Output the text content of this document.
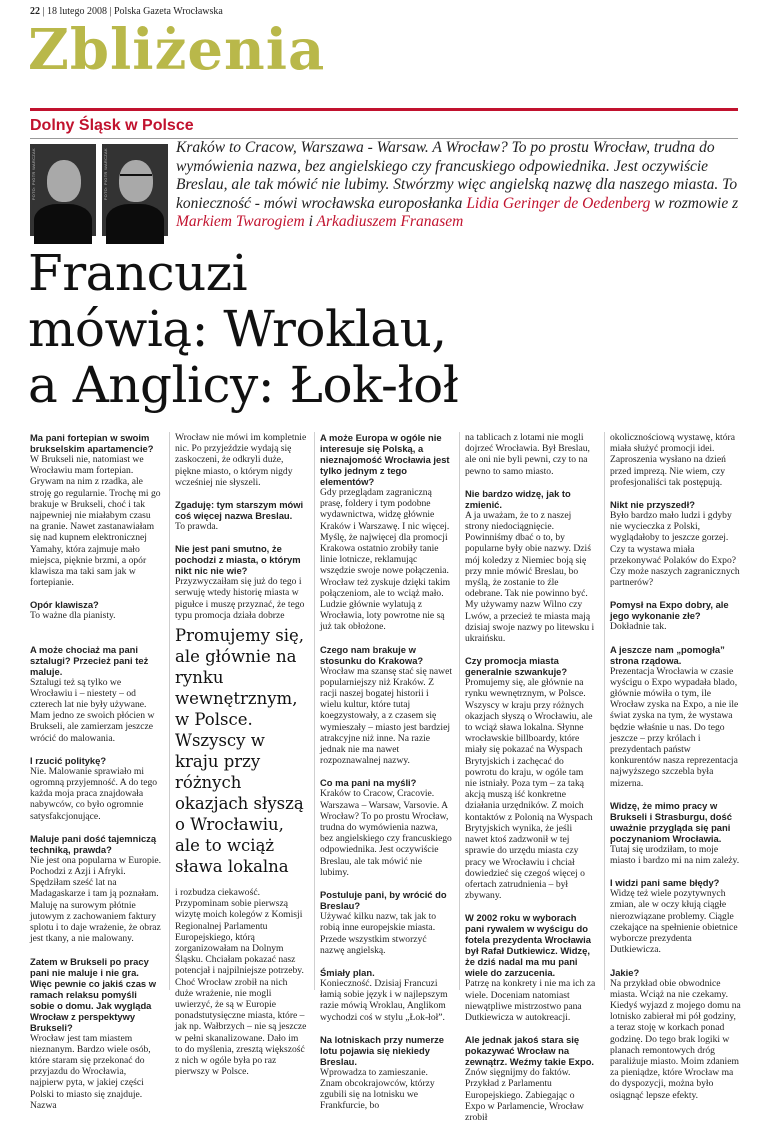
22 | 18 lutego 2008 | Polska Gazeta Wrocławska
Zbliżenia
Dolny Śląsk w Polsce
FOTO: PIOTR WARCZAK	FOTO: PIOTR WARCZAK
Kraków to Cracow, Warszawa - Warsaw. A Wrocław? To po prostu Wrocław, trudna do wymówienia nazwa, bez angielskiego czy francuskiego odpowiednika. Jest oczywiście Breslau, ale tak mówić nie lubimy. Stwórzmy więc angielską nazwę dla naszego miasta. To konieczność - mówi wrocławska europosłanka Lidia Geringer de Oedenberg w rozmowie z Markiem Twarogiem i Arkadiuszem Franasem
Francuzi
mówią: Wroklau,
a Anglicy: Łok-łoł

Ma pani fortepian w swoim brukselskim apartamencie?

W Brukseli nie, natomiast we Wrocławiu mam fortepian. Grywam na nim z rzadka, ale stroję go regularnie. Trochę mi go brakuje w Brukseli, choć i tak najpewniej nie miałabym czasu na granie. Nawet zastanawiałam się nad kupnem elektronicznej Yamahy, która zajmuje mało miejsca, pięknie brzmi, a opór klawisza ma taki sam jak w fortepianie.

Opór klawisza?

To ważne dla pianisty.

A może chociaż ma pani sztalugi? Przecież pani też maluje.

Sztalugi też są tylko we Wrocławiu i – niestety – od czterech lat nie były używane. Mam jedno ze swoich płócien w Brukseli, ale zamierzam jeszcze wrócić do malowania.

I rzucić politykę?

Nie. Malowanie sprawiało mi ogromną przyjemność. A do tego każda moja praca znajdowała nabywców, co było ogromnie satysfakcjonujące.

Maluje pani dość tajemniczą techniką, prawda?

Nie jest ona popularna w Europie. Pochodzi z Azji i Afryki. Spędziłam sześć lat na Madagaskarze i tam ją poznałam. Maluję na surowym płótnie jutowym z zachowaniem faktury splotu i to daje wrażenie, że obraz jest tkany, a nie malowany.

Zatem w Brukseli po pracy pani nie maluje i nie gra. Więc pewnie co jakiś czas w ramach relaksu pomyśli sobie o domu. Jak wygląda Wrocław z perspektywy Brukseli?

Wrocław jest tam miastem nieznanym. Bardzo wiele osób, które staram się przekonać do przyjazdu do Wrocławia, najpierw pyta, w jakiej części Polski to miasto się znajduje. Nazwa

Wrocław nie mówi im kompletnie nic. Po przyjeździe wydają się zaskoczeni, że odkryli duże, piękne miasto, o którym nigdy wcześniej nie słyszeli.

Zgaduję: tym starszym mówi coś więcej nazwa Breslau.

To prawda.

Nie jest pani smutno, że pochodzi z miasta, o którym nikt nic nie wie?

Przyzwyczaiłam się już do tego i serwuję wtedy historię miasta w pigułce i muszę przyznać, że tego typu promocja działa dobrze

Promujemy się, ale głównie na rynku wewnętrznym, w Polsce. Wszyscy w kraju przy różnych okazjach słyszą o Wrocławiu, ale to wciąż sława lokalna

i rozbudza ciekawość. Przypominam sobie pierwszą wizytę moich kolegów z Komisji Regionalnej Parlamentu Europejskiego, którą zorganizowałam na Dolnym Śląsku. Chciałam pokazać nasz potencjał i najpilniejsze potrzeby. Choć Wrocław zrobił na nich duże wrażenie, nie mogli uwierzyć, że są w Europie ponadstutysięczne miasta, które – jak np. Wałbrzych – nie są jeszcze w pełni skanalizowane. Dało im to do myślenia, zresztą większość z nich w ogóle była po raz pierwszy w Polsce.

A może Europa w ogóle nie interesuje się Polską, a nieznajomość Wrocławia jest tylko jednym z tego elementów?

Gdy przeglądam zagraniczną prasę, foldery i tym podobne wydawnictwa, widzę głównie Kraków i Warszawę. I nic więcej. Myślę, że najwięcej dla promocji Krakowa ostatnio zrobiły tanie linie lotnicze, reklamując wszędzie swoje nowe połączenia. Wrocław też zyskuje dzięki takim połączeniom, ale to wciąż mało. Ludzie głównie wylatują z Wrocławia, loty powrotne nie są już tak obłożone.

Czego nam brakuje w stosunku do Krakowa?

Wrocław ma szansę stać się nawet popularniejszy niż Kraków. Z racji naszej bogatej historii i wielu kultur, które tutaj koegzystowały, a z czasem się wymieszały – miasto jest bardziej atrakcyjne niż inne. Na razie jednak nie ma nawet rozpoznawalnej nazwy.

Co ma pani na myśli?

Kraków to Cracow, Cracovie. Warszawa – Warsaw, Varsovie. A Wrocław? To po prostu Wrocław, trudna do wymówienia nazwa, bez angielskiego czy francuskiego odpowiednika. Jest oczywiście Breslau, ale tak mówić nie lubimy.

Postuluje pani, by wrócić do Breslau?

Używać kilku nazw, tak jak to robią inne europejskie miasta. Przede wszystkim stworzyć nazwę angielską.

Śmiały plan.

Konieczność. Dzisiaj Francuzi łamią sobie język i w najlepszym razie mówią Wroklau, Anglikom wychodzi coś w stylu „Łok-łoł”.

Na lotniskach przy numerze lotu pojawia się niekiedy Breslau.

Wprowadza to zamieszanie. Znam obcokrajowców, którzy zgubili się na lotnisku we Frankfurcie, bo

na tablicach z lotami nie mogli dojrzeć Wrocławia. Był Breslau, ale oni nie byli pewni, czy to na pewno to samo miasto.

Nie bardzo widzę, jak to zmienić.

A ja uważam, że to z naszej strony niedociągnięcie. Powinniśmy dbać o to, by popularne były obie nazwy. Dziś mój koledzy z Niemiec boją się przy mnie mówić Breslau, bo myślą, że zostanie to źle odebrane. Tak nie powinno być. My używamy nazw Wilno czy Lwów, a przecież te miasta mają dzisiaj swoje nazwy po litewsku i ukraińsku.

Czy promocja miasta generalnie szwankuje?

Promujemy się, ale głównie na rynku wewnętrznym, w Polsce. Wszyscy w kraju przy różnych okazjach słyszą o Wrocławiu, ale to wciąż sława lokalna. Słynne wrocławskie billboardy, które miały się pokazać na Wyspach Brytyjskich i zachęcać do powrotu do kraju, w ogóle tam nie istniały. Poza tym – za taką akcją muszą iść konkretne działania urzędników. Z moich kontaktów z Polonią na Wyspach Brytyjskich wynika, że jeśli nawet ktoś zadzwonił w tej sprawie do urzędu miasta czy pracy we Wrocławiu i chciał dowiedzieć się czegoś więcej o ofertach zatrudnienia – był zbywany.

W 2002 roku w wyborach pani rywalem w wyścigu do fotela prezydenta Wrocławia był Rafał Dutkiewicz. Widzę, że dziś nadal ma mu pani wiele do zarzucenia.

Patrzę na konkrety i nie ma ich za wiele. Doceniam natomiast niewątpliwe mistrzostwo pana Dutkiewicza w autokreacji.

Ale jednak jakoś stara się pokazywać Wrocław na zewnątrz. Weźmy takie Expo.

Znów sięgnijmy do faktów. Przykład z Parlamentu Europejskiego. Zabiegając o Expo w Parlamencie, Wrocław zrobił

okolicznościową wystawę, która miała służyć promocji idei. Zaproszenia wysłano na dzień przed imprezą. Nie wiem, czy profesjonaliści tak postępują.

Nikt nie przyszedł?

Było bardzo mało ludzi i gdyby nie wycieczka z Polski, wyglądałoby to jeszcze gorzej. Czy ta wystawa miała przekonywać Polaków do Expo? Czy może naszych zagranicznych partnerów?

Pomysł na Expo dobry, ale jego wykonanie złe?

Dokładnie tak.

A jeszcze nam „pomogła” strona rządowa.

Prezentacja Wrocławia w czasie wyścigu o Expo wypadała blado, głównie mówiła o tym, ile Wrocław zyska na Expo, a nie ile świat zyska na tym, że wystawa będzie właśnie u nas. Do tego jeszcze – przy królach i prezydentach państw konkurentów nasza reprezentacja najwyższego szczebla była mizerna.

Widzę, że mimo pracy w Brukseli i Strasburgu, dość uważnie przygląda się pani poczynaniom Wrocławia.

Tutaj się urodziłam, to moje miasto i bardzo mi na nim zależy.

I widzi pani same błędy?

Widzę też wiele pozytywnych zmian, ale w oczy kłują ciągłe nierozwiązane problemy. Ciągle czekające na spełnienie obietnice wyborcze prezydenta Dutkiewicza.

Jakie?

Na przykład obie obwodnice miasta. Wciąż na nie czekamy. Kiedyś wyjazd z mojego domu na lotnisko zabierał mi pół godziny, a teraz stoję w korkach ponad godzinę. Do tego brak logiki w planach remontowych dróg paraliżuje miasto. Moim zdaniem za pieniądze, które Wrocław ma do dyspozycji, można było osiągnąć lepsze efekty.
